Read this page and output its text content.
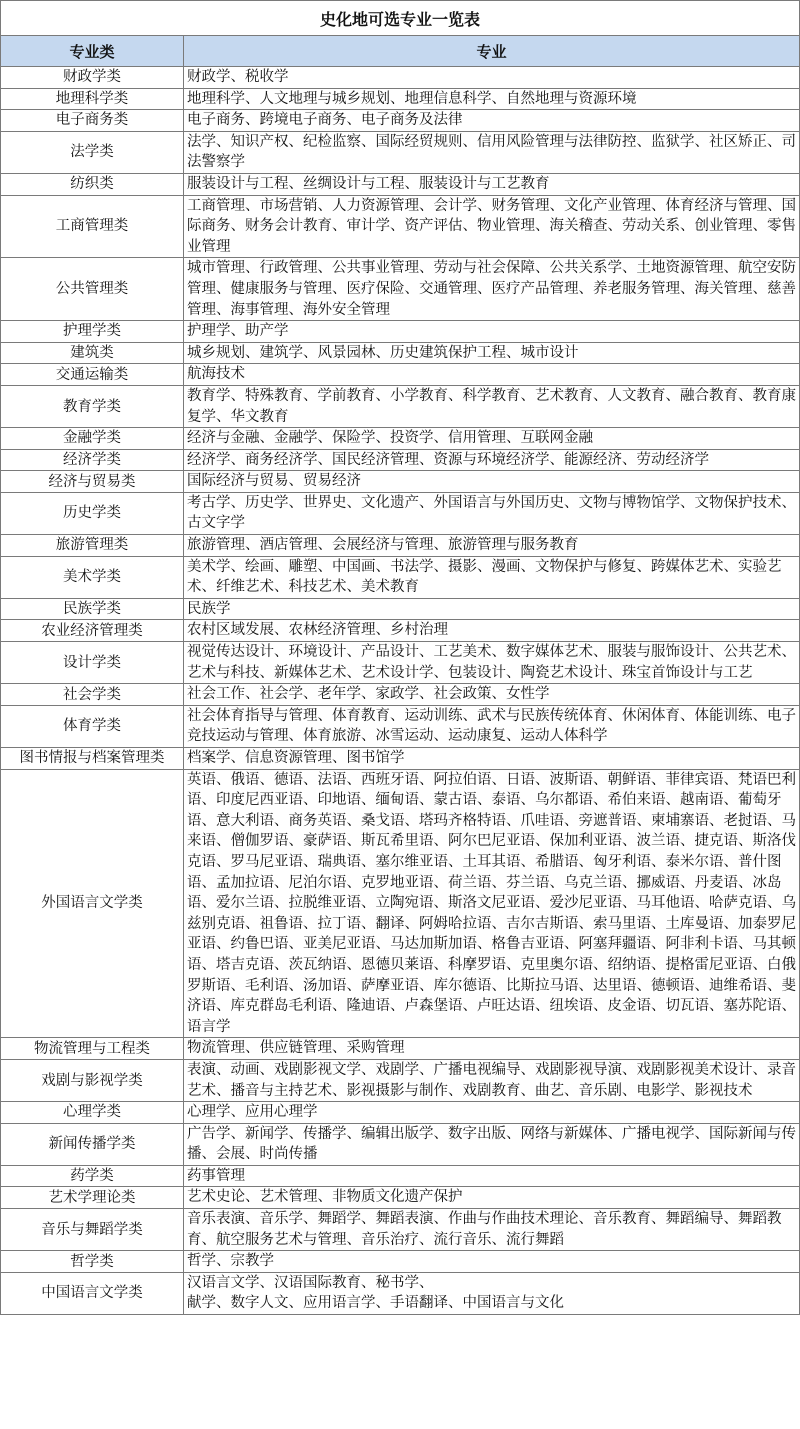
史化地可选专业一览表	
专业类	专业
财政学类	财政学、税收学
地理科学类	地理科学、人文地理与城乡规划、地理信息科学、自然地理与资源环境
电子商务类	电子商务、跨境电子商务、电子商务及法律
法学类	法学、知识产权、纪检监察、国际经贸规则、信用风险管理与法律防控、监狱学、社区矫正、司法警察学
纺织类	服装设计与工程、丝绸设计与工程、服装设计与工艺教育
工商管理类	工商管理、市场营销、人力资源管理、会计学、财务管理、文化产业管理、体育经济与管理、国际商务、财务会计教育、审计学、资产评估、物业管理、海关稽查、劳动关系、创业管理、零售业管理
公共管理类	城市管理、行政管理、公共事业管理、劳动与社会保障、公共关系学、土地资源管理、航空安防管理、健康服务与管理、医疗保险、交通管理、医疗产品管理、养老服务管理、海关管理、慈善管理、海事管理、海外安全管理
护理学类	护理学、助产学
建筑类	城乡规划、建筑学、风景园林、历史建筑保护工程、城市设计
交通运输类	航海技术
教育学类	教育学、特殊教育、学前教育、小学教育、科学教育、艺术教育、人文教育、融合教育、教育康复学、华文教育
金融学类	经济与金融、金融学、保险学、投资学、信用管理、互联网金融
经济学类	经济学、商务经济学、国民经济管理、资源与环境经济学、能源经济、劳动经济学
经济与贸易类	国际经济与贸易、贸易经济
历史学类	考古学、历史学、世界史、文化遗产、外国语言与外国历史、文物与博物馆学、文物保护技术、古文字学
旅游管理类	旅游管理、酒店管理、会展经济与管理、旅游管理与服务教育
美术学类	美术学、绘画、雕塑、中国画、书法学、摄影、漫画、文物保护与修复、跨媒体艺术、实验艺术、纤维艺术、科技艺术、美术教育
民族学类	民族学
农业经济管理类	农村区域发展、农林经济管理、乡村治理
设计学类	视觉传达设计、环境设计、产品设计、工艺美术、数字媒体艺术、服装与服饰设计、公共艺术、艺术与科技、新媒体艺术、艺术设计学、包装设计、陶瓷艺术设计、珠宝首饰设计与工艺
社会学类	社会工作、社会学、老年学、家政学、社会政策、女性学
体育学类	社会体育指导与管理、体育教育、运动训练、武术与民族传统体育、休闲体育、体能训练、电子竞技运动与管理、体育旅游、冰雪运动、运动康复、运动人体科学
图书情报与档案管理类	档案学、信息资源管理、图书馆学
外国语言文学类	英语、俄语、德语、法语、西班牙语、阿拉伯语、日语、波斯语、朝鲜语、菲律宾语、梵语巴利语、印度尼西亚语、印地语、缅甸语、蒙古语、泰语、乌尔都语、希伯来语、越南语、葡萄牙语、意大利语、商务英语、桑戈语、塔玛齐格特语、爪哇语、旁遮普语、柬埔寨语、老挝语、马来语、僧伽罗语、豪萨语、斯瓦希里语、阿尔巴尼亚语、保加利亚语、波兰语、捷克语、斯洛伐克语、罗马尼亚语、瑞典语、塞尔维亚语、土耳其语、希腊语、匈牙利语、泰米尔语、普什图语、孟加拉语、尼泊尔语、克罗地亚语、荷兰语、芬兰语、乌克兰语、挪威语、丹麦语、冰岛语、爱尔兰语、拉脱维亚语、立陶宛语、斯洛文尼亚语、爱沙尼亚语、马耳他语、哈萨克语、乌兹别克语、祖鲁语、拉丁语、翻译、阿姆哈拉语、吉尔吉斯语、索马里语、土库曼语、加泰罗尼亚语、约鲁巴语、亚美尼亚语、马达加斯加语、格鲁吉亚语、阿塞拜疆语、阿非利卡语、马其顿语、塔吉克语、茨瓦纳语、恩德贝莱语、科摩罗语、克里奥尔语、绍纳语、提格雷尼亚语、白俄罗斯语、毛利语、汤加语、萨摩亚语、库尔德语、比斯拉马语、达里语、德顿语、迪维希语、斐济语、库克群岛毛利语、隆迪语、卢森堡语、卢旺达语、纽埃语、皮金语、切瓦语、塞苏陀语、语言学
物流管理与工程类	物流管理、供应链管理、采购管理
戏剧与影视学类	表演、动画、戏剧影视文学、戏剧学、广播电视编导、戏剧影视导演、戏剧影视美术设计、录音艺术、播音与主持艺术、影视摄影与制作、戏剧教育、曲艺、音乐剧、电影学、影视技术
心理学类	心理学、应用心理学
新闻传播学类	广告学、新闻学、传播学、编辑出版学、数字出版、网络与新媒体、广播电视学、国际新闻与传播、会展、时尚传播
药学类	药事管理
艺术学理论类	艺术史论、艺术管理、非物质文化遗产保护
音乐与舞蹈学类	音乐表演、音乐学、舞蹈学、舞蹈表演、作曲与作曲技术理论、音乐教育、舞蹈编导、舞蹈教育、航空服务艺术与管理、音乐治疗、流行音乐、流行舞蹈
哲学类	哲学、宗教学
中国语言文学类	汉语言文学、汉语国际教育、秘书学、
献学、数字人文、应用语言学、手语翻译、中国语言与文化
